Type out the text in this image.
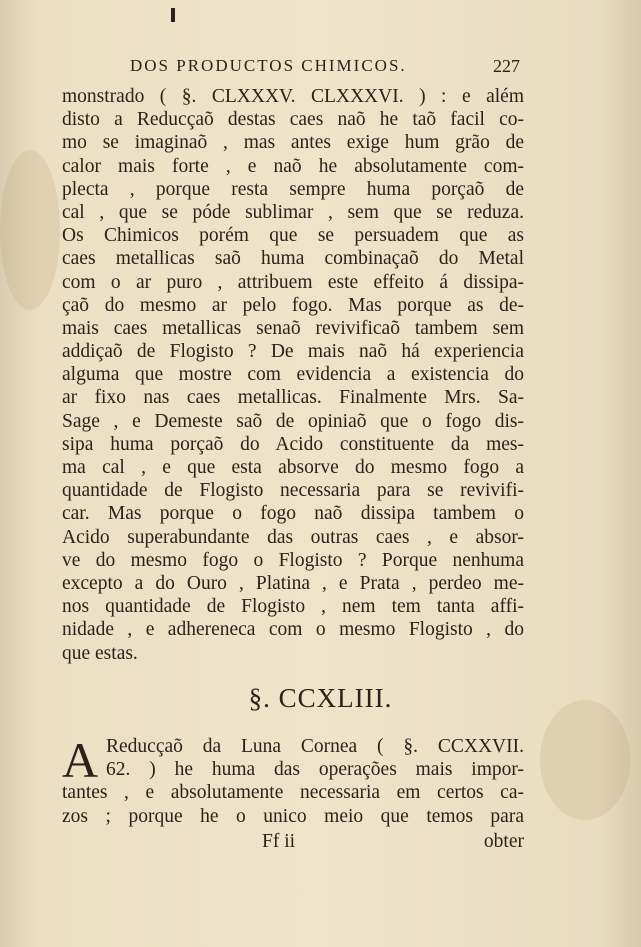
DOS PRODUCTOS CHIMICOS.	227
monstrado ( §. CLXXXV. CLXXXVI. ) : e além
disto a Reducçaõ destas caes naõ he taõ facil co-
mo se imaginaõ , mas antes exige hum grão de
calor mais forte , e naõ he absolutamente com-
plecta , porque resta sempre huma porçaõ de
cal , que se póde sublimar , sem que se reduza.
Os Chimicos porém que se persuadem que as
caes metallicas saõ huma combinaçaõ do Metal
com o ar puro , attribuem este effeito á dissipa-
çaõ do mesmo ar pelo fogo. Mas porque as de-
mais caes metallicas senaõ revivificaõ tambem sem
addiçaõ de Flogisto ? De mais naõ há experiencia
alguma que mostre com evidencia a existencia do
ar fixo nas caes metallicas. Finalmente Mrs. Sa-
Sage , e Demeste saõ de opiniaõ que o fogo dis-
sipa huma porçaõ do Acido constituente da mes-
ma cal , e que esta absorve do mesmo fogo a
quantidade de Flogisto necessaria para se revivifi-
car. Mas porque o fogo naõ dissipa tambem o
Acido superabundante das outras caes , e absor-
ve do mesmo fogo o Flogisto ? Porque nenhuma
excepto a do Ouro , Platina , e Prata , perdeo me-
nos quantidade de Flogisto , nem tem tanta affi-
nidade , e adhereneca com o mesmo Flogisto , do
que estas.
§. CCXLIII.
A Reducçaõ da Luna Cornea ( §. CCXXVII.
62. ) he huma das operações mais impor-
tantes , e absolutamente necessaria em certos ca-
zos ; porque he o unico meio que temos para
Ff ii	obter
